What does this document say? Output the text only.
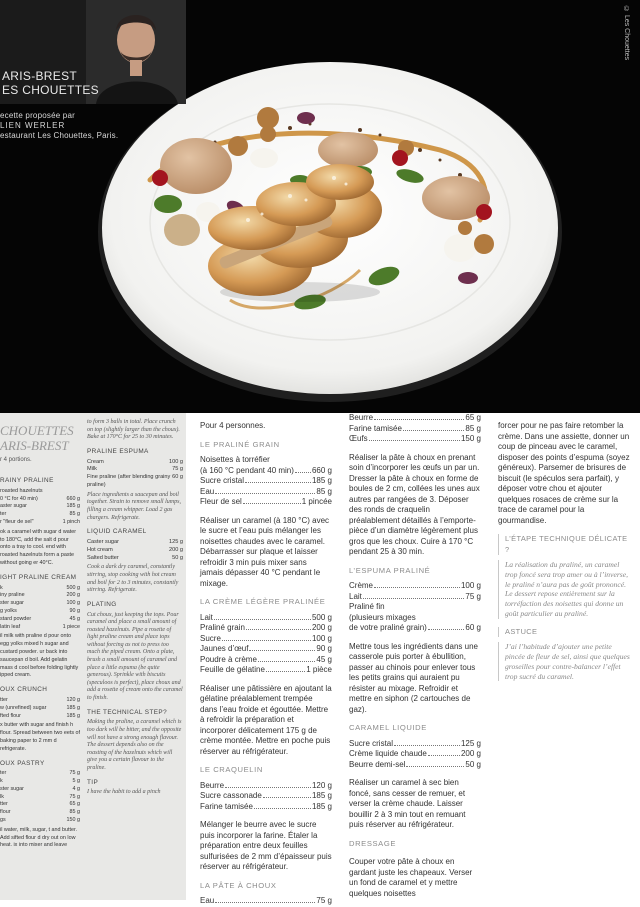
ARIS-BREST
ES CHOUETTES
ecette proposée par
LIEN WERLER
estaurant Les Chouettes, Paris.
© Les Chouettes
CHOUETTES
ARIS-BREST
r 4 portions.
RAINY PRALINE
roasted hazelnuts
0 °C for 40 min)	660 g
aster sugar	185 g
ter	85 g
r "fleur de sel"	1 pinch
ok a caramel with sugar d water to 180°C, add the salt d pour onto a tray to cool. end with roasted hazelnuts form a paste without going er 40°C.
IGHT PRALINE CREAM
k	500 g
iny praline	200 g
ster sugar	100 g
g yolks	90 g
stard powder	45 g
latin leaf	1 piece
il milk with praline d pour onto egg yolks mixed h sugar and custard powder. ur back into saucepan d boil. Add gelatin mass d cool before folding lightly ipped cream.
OUX CRUNCH
tter	120 g
w (unrefined) sugar	185 g
fted flour	185 g
x butter with sugar and finish h flour. Spread between two eets of baking paper to 2 mm d refrigerate.
OUX PASTRY
ter	75 g
k	5 g
ster sugar	4 g
lk	75 g
tter	65 g
flour	85 g
gs	150 g
il water, milk, sugar, t and butter. Add sifted flour d dry out on low heat. ix into mixer and leave
to form 3 balls in total. Place crunch on top (slightly larger than the choux). Bake at 170°C for 25 to 30 minutes.
PRALINE ESPUMA
Cream	100 g
Milk	75 g
Fine praline (after blending grainy praline)
60 g
Place ingredients a saucepan and boil together. Strain to remove small lumps, filling a cream whipper. Load 2 gas chargers. Refrigerate.
LIQUID CARAMEL
Caster sugar	125 g
Hot cream	200 g
Salted butter	50 g
Cook a dark dry caramel, constantly stirring, stop cooking with hot cream and boil for 2 to 3 minutes, constantly stirring. Refrigerate.
PLATING
Cut choux, just keeping the tops. Pour caramel and place a small amount of roasted hazelnuts. Pipe a rosette of light praline cream and place tops without forcing as not to press too much the piped cream. Onto a plate, brush a small amount of caramel and place a little espuma (be quite generous). Sprinkle with biscuits (speculoos is perfect), place choux and add a rosette of cream onto the caramel to finish.
THE TECHNICAL STEP?
Making the praline, a caramel which is too dark will be bitter, and the opposite will not have a strong enough flavour. The dessert depends also on the roasting of the hazelnuts which will give you a certain flavour to the praline.
TIP
I have the habit to add a pinch
Pour 4 personnes.
LE PRALINÉ GRAIN
Noisettes à torréfier
(à 160 °C pendant 40 min) 660 g
Sucre cristal	185 g
Eau	85 g
Fleur de sel	1 pincée
Réaliser un caramel (à 180 °C) avec le sucre et l’eau puis mélanger les noisettes chaudes avec le caramel. Débarrasser sur plaque et laisser refroidir 3 min puis mixer sans jamais dépasser 40 °C pendant le mixage.
LA CRÈME LÉGÈRE PRALINÉE
Lait	500 g
Praliné grain	200 g
Sucre	100 g
Jaunes d’œuf	90 g
Poudre à crème	45 g
Feuille de gélatine	1 pièce
Réaliser une pâtissière en ajoutant la gélatine préalablement trempée dans l’eau froide et égouttée. Mettre à refroidir la préparation et incorporer délicatement 175 g de crème montée. Mettre en poche puis réserver au réfrigérateur.
LE CRAQUELIN
Beurre	120 g
Sucre cassonade	185 g
Farine tamisée	185 g
Mélanger le beurre avec le sucre puis incorporer la farine. Étaler la préparation entre deux feuilles sulfurisées de 2 mm d’épaisseur puis réserver au réfrigérateur.
LA PÂTE À CHOUX
Eau	75 g
Beurre	65 g
Farine tamisée	85 g
Œufs	150 g
Réaliser la pâte à choux en prenant soin d’incorporer les œufs un par un. Dresser la pâte à choux en forme de boules de 2 cm, collées les unes aux autres par rangées de 3. Déposer des ronds de craquelin préalablement détaillés à l’emporte-pièce d’un diamètre légèrement plus gros que les choux. Cuire à 170 °C pendant 25 à 30 min.
L’ESPUMA PRALINÉ
Crème	100 g
Lait	75 g
Praliné fin
(plusieurs mixages
de votre praliné grain)	60 g
Mettre tous les ingrédients dans une casserole puis porter à ébullition, passer au chinois pour enlever tous les petits grains qui auraient pu résister au mixage. Refroidir et mettre en siphon (2 cartouches de gaz).
CARAMEL LIQUIDE
Sucre cristal	125 g
Crème liquide chaude	200 g
Beurre demi-sel	50 g
Réaliser un caramel à sec bien foncé, sans cesser de remuer, et verser la crème chaude. Laisser bouillir 2 à 3 min tout en remuant puis réserver au réfrigérateur.
DRESSAGE
Couper votre pâte à choux en gardant juste les chapeaux. Verser un fond de caramel et y mettre quelques noisettes
forcer pour ne pas faire retomber la crème. Dans une assiette, donner un coup de pinceau avec le caramel, disposer des points d’espuma (soyez généreux). Parsemer de brisures de biscuit (le spéculos sera parfait), y déposer votre chou et ajouter quelques rosaces de crème sur la trace de caramel pour la gourmandise.
L’ÉTAPE TECHNIQUE DÉLICATE ?
La réalisation du praliné, un caramel trop foncé sera trop amer ou à l’inverse, le praliné n’aura pas de goût prononcé. Le dessert repose entièrement sur la torréfaction des noisettes qui donne un goût particulier au praliné.
ASTUCE
J’ai l’habitude d’ajouter une petite pincée de fleur de sel, ainsi que quelques groseilles pour contre-balancer l’effet trop sucré du caramel.
